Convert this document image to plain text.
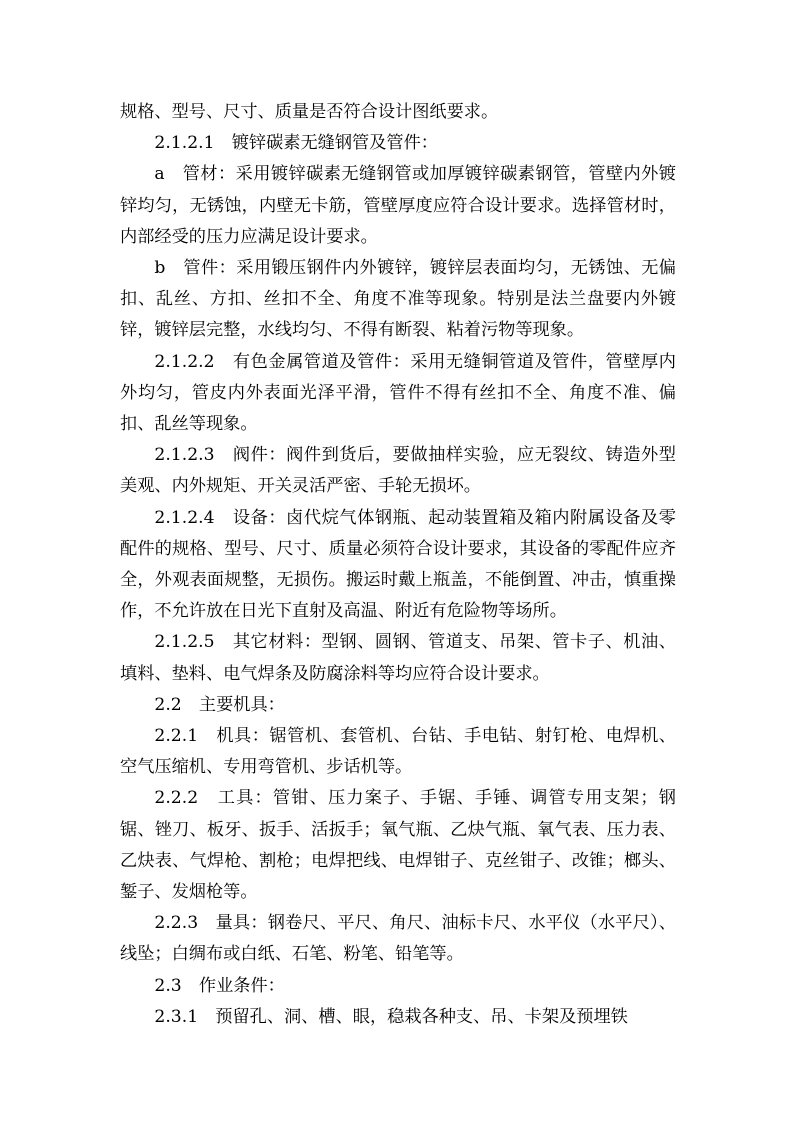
规格、型号、尺寸、质量是否符合设计图纸要求。

2.1.2.1　镀锌碳素无缝钢管及管件：

a　管材：采用镀锌碳素无缝钢管或加厚镀锌碳素钢管，管壁内外镀锌均匀，无锈蚀，内壁无卡筋，管壁厚度应符合设计要求。选择管材时，内部经受的压力应满足设计要求。

b　管件：采用锻压钢件内外镀锌，镀锌层表面均匀，无锈蚀、无偏扣、乱丝、方扣、丝扣不全、角度不准等现象。特别是法兰盘要内外镀锌，镀锌层完整，水线均匀、不得有断裂、粘着污物等现象。

2.1.2.2　有色金属管道及管件：采用无缝铜管道及管件，管壁厚内外均匀，管皮内外表面光泽平滑，管件不得有丝扣不全、角度不准、偏扣、乱丝等现象。

2.1.2.3　阀件：阀件到货后，要做抽样实验，应无裂纹、铸造外型美观、内外规矩、开关灵活严密、手轮无损坏。

2.1.2.4　设备：卤代烷气体钢瓶、起动装置箱及箱内附属设备及零配件的规格、型号、尺寸、质量必须符合设计要求，其设备的零配件应齐全，外观表面规整，无损伤。搬运时戴上瓶盖，不能倒置、冲击，慎重操作，不允许放在日光下直射及高温、附近有危险物等场所。

2.1.2.5　其它材料：型钢、圆钢、管道支、吊架、管卡子、机油、填料、垫料、电气焊条及防腐涂料等均应符合设计要求。

2.2　主要机具：

2.2.1　机具：锯管机、套管机、台钻、手电钻、射钉枪、电焊机、空气压缩机、专用弯管机、步话机等。

2.2.2　工具：管钳、压力案子、手锯、手锤、调管专用支架；钢锯、锉刀、板牙、扳手、活扳手；氧气瓶、乙炔气瓶、氧气表、压力表、乙炔表、气焊枪、割枪；电焊把线、电焊钳子、克丝钳子、改锥；榔头、錾子、发烟枪等。

2.2.3　量具：钢卷尺、平尺、角尺、油标卡尺、水平仪（水平尺）、线坠；白绸布或白纸、石笔、粉笔、铅笔等。

2.3　作业条件：

2.3.1　预留孔、洞、槽、眼，稳栽各种支、吊、卡架及预埋铁
